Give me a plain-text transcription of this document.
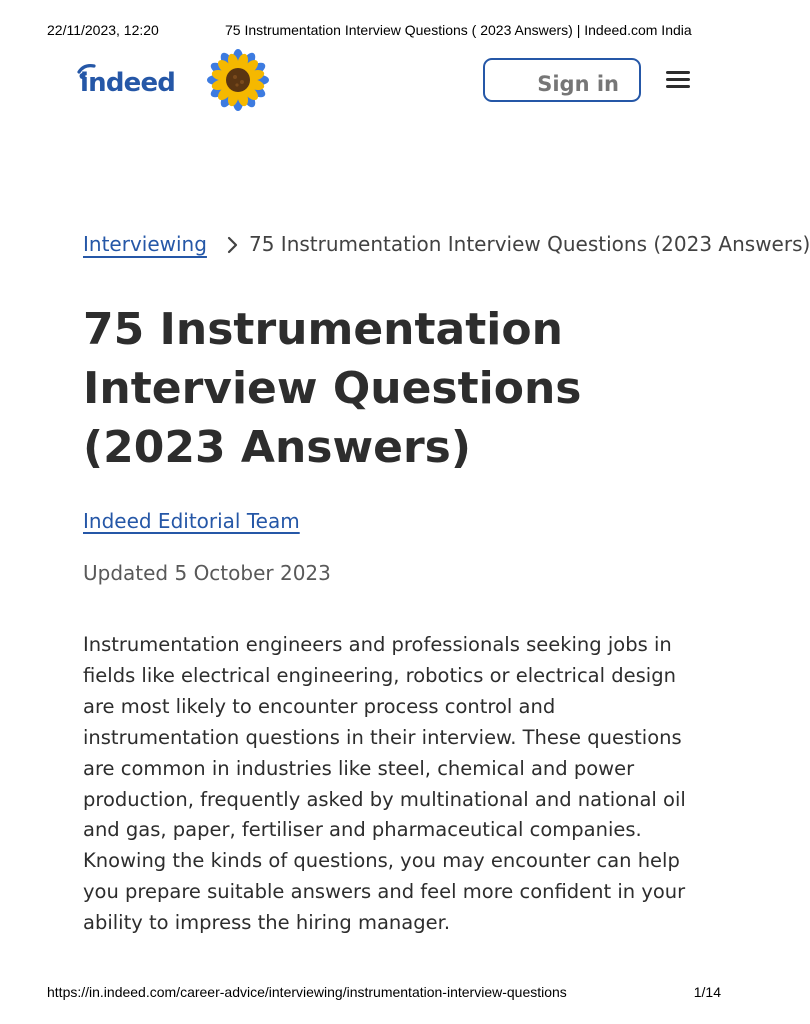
22/11/2023, 12:20	75 Instrumentation Interview Questions ( 2023 Answers) | Indeed.com India
indeed	Sign in
Interviewing 75 Instrumentation Interview Questions (2023 Answers)
75 Instrumentation Interview Questions (2023 Answers)
Indeed Editorial Team
Updated 5 October 2023

Instrumentation engineers and professionals seeking jobs in fields like electrical engineering, robotics or electrical design are most likely to encounter process control and instrumentation questions in their interview. These questions are common in industries like steel, chemical and power production, frequently asked by multinational and national oil and gas, paper, fertiliser and pharmaceutical companies. Knowing the kinds of questions, you may encounter can help you prepare suitable answers and feel more confident in your ability to impress the hiring manager.

https://in.indeed.com/career-advice/interviewing/instrumentation-interview-questions	1/14
